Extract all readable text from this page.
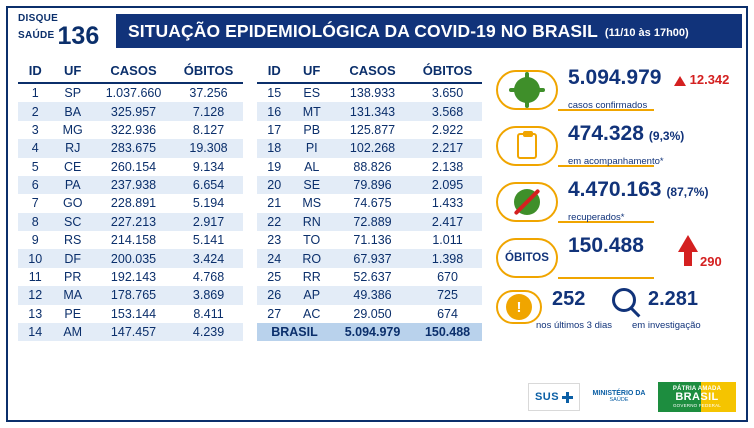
DISQUE
SAÚDE 136	SITUAÇÃO EPIDEMIOLÓGICA DA COVID-19 NO BRASIL (11/10 às 17h00)
ID	UF	CASOS	ÓBITOS
1	SP	1.037.660	37.256
2	BA	325.957	7.128
3	MG	322.936	8.127
4	RJ	283.675	19.308
5	CE	260.154	9.134
6	PA	237.938	6.654
7	GO	228.891	5.194
8	SC	227.213	2.917
9	RS	214.158	5.141
10	DF	200.035	3.424
11	PR	192.143	4.768
12	MA	178.765	3.869
13	PE	153.144	8.411
14	AM	147.457	4.239
ID	UF	CASOS	ÓBITOS
15	ES	138.933	3.650
16	MT	131.343	3.568
17	PB	125.877	2.922
18	PI	102.268	2.217
19	AL	88.826	2.138
20	SE	79.896	2.095
21	MS	74.675	1.433
22	RN	72.889	2.417
23	TO	71.136	1.011
24	RO	67.937	1.398
25	RR	52.637	670
26	AP	49.386	725
27	AC	29.050	674
BRASIL		5.094.979	150.488
5.094.979
casos confirmados
12.342
474.328 (9,3%)
em acompanhamento*
4.470.163 (87,7%)
recuperados*
ÓBITOS
150.488
290
!	252
nos últimos 3 dias
2.281
em investigação
SUS	MINISTÉRIO DA
SAÚDE
PÁTRIA AMADA
BRASIL
GOVERNO FEDERAL
